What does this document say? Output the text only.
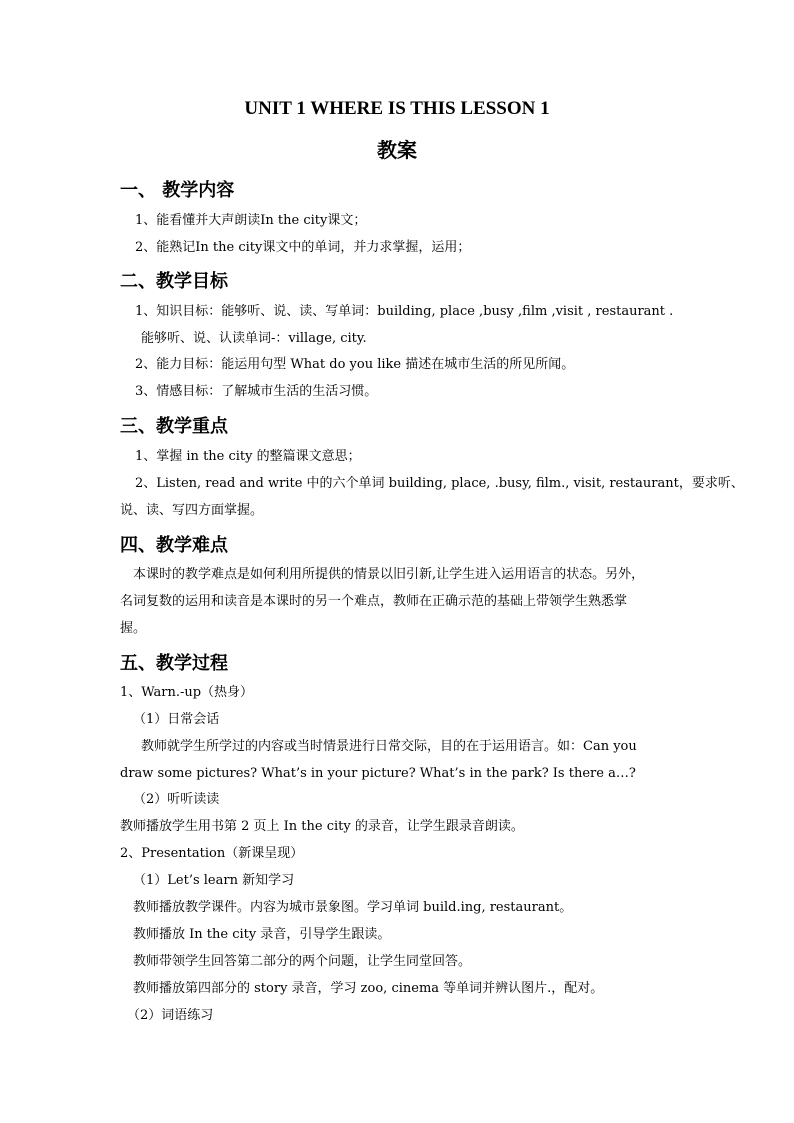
UNIT 1 WHERE IS THIS LESSON 1
教案
一、 教学内容
1、能看懂并大声朗读In the city课文；
2、能熟记In the city课文中的单词，并力求掌握，运用；
二、教学目标
1、知识目标：能够听、说、读、写单词：building, place ,busy ,film ,visit , restaurant .
能够听、说、认读单词-：village, city.
2、能力目标：能运用句型 What do you like 描述在城市生活的所见所闻。
3、情感目标：了解城市生活的生活习惯。
三、教学重点
1、掌握 in the city 的整篇课文意思；
2、Listen, read and write 中的六个单词 building, place, .busy, film., visit, restaurant，要求听、
说、读、写四方面掌握。
四、教学难点
本课时的教学难点是如何利用所提供的情景以旧引新,让学生进入运用语言的状态。另外，
名词复数的运用和读音是本课时的另一个难点，教师在正确示范的基础上带领学生熟悉掌
握。
五、教学过程
1、Warn.-up（热身）
（1）日常会话
教师就学生所学过的内容或当时情景进行日常交际，目的在于运用语言。如：Can you
draw some pictures? What’s in your picture? What’s in the park? Is there a…?
（2）听听读读
教师播放学生用书第 2 页上 In the city 的录音，让学生跟录音朗读。
2、Presentation（新课呈现）
（1）Let’s learn 新知学习
教师播放教学课件。内容为城市景象图。学习单词 build.ing, restaurant。
教师播放 In the city 录音，引导学生跟读。
教师带领学生回答第二部分的两个问题，让学生同堂回答。
教师播放第四部分的 story 录音，学习 zoo, cinema 等单词并辨认图片.，配对。
（2）词语练习
